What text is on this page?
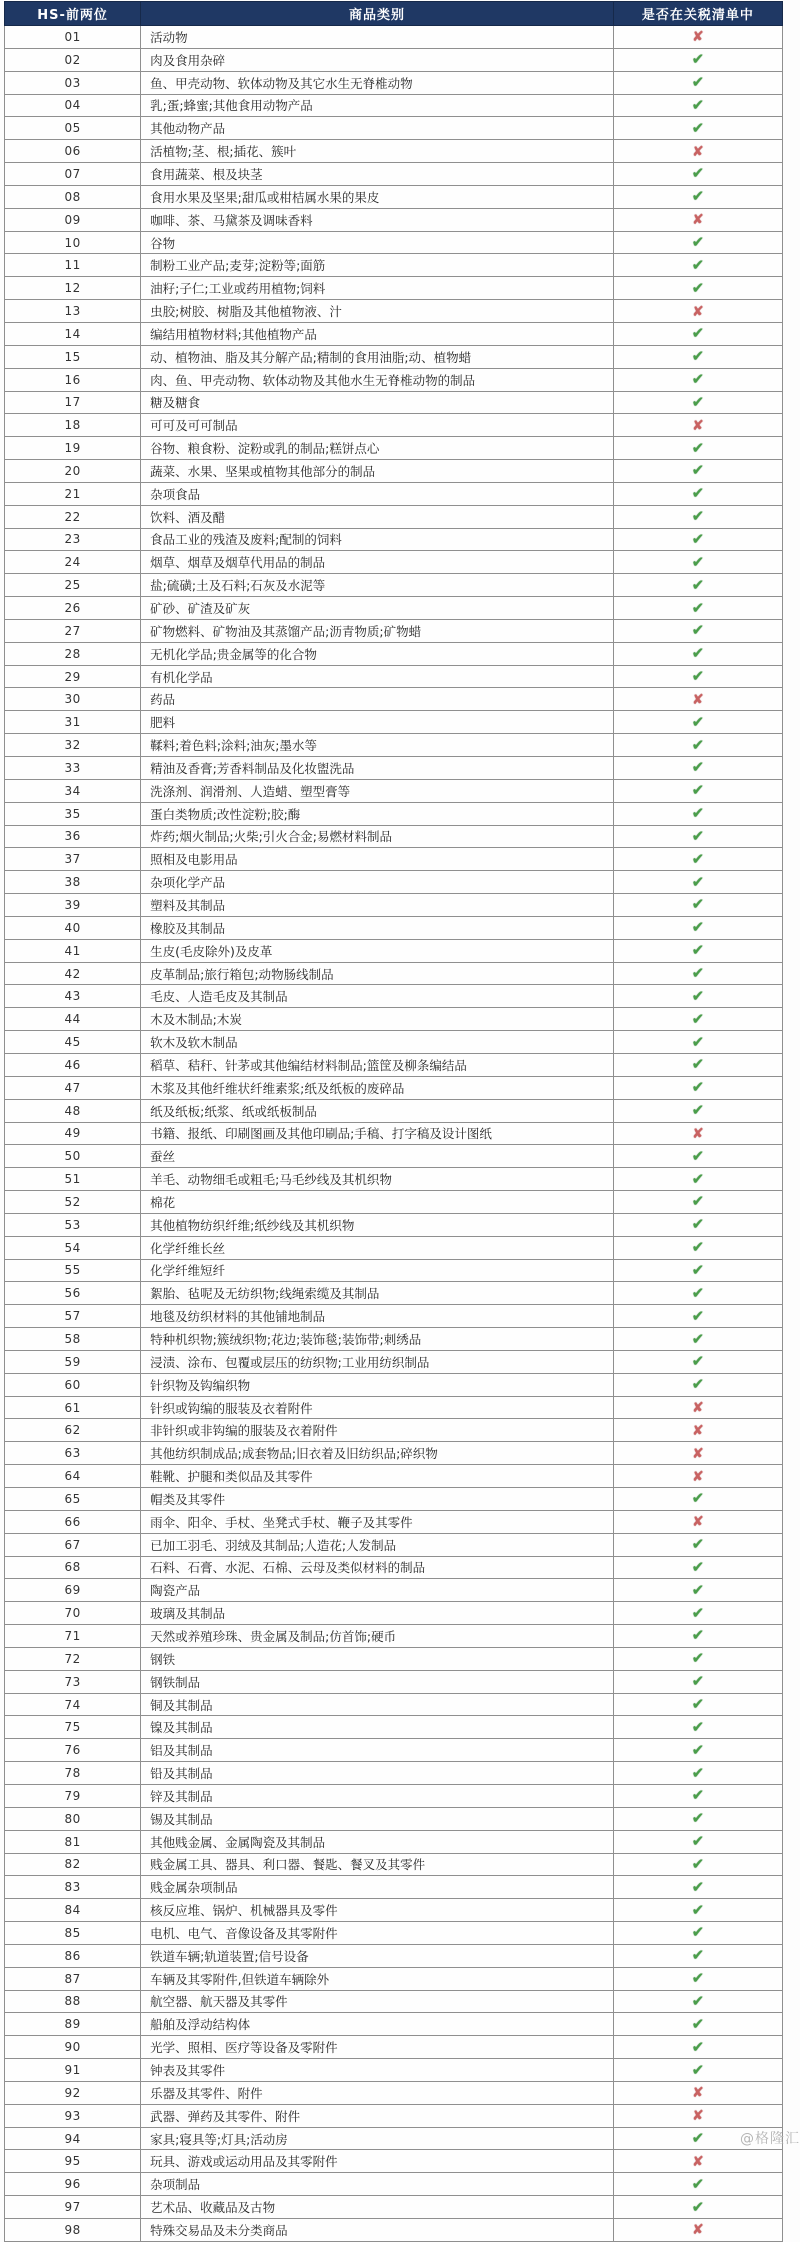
HS-前两位	商品类别	是否在关税清单中
01	活动物	✘
02	肉及食用杂碎	✔
03	鱼、甲壳动物、软体动物及其它水生无脊椎动物	✔
04	乳;蛋;蜂蜜;其他食用动物产品	✔
05	其他动物产品	✔
06	活植物;茎、根;插花、簇叶	✘
07	食用蔬菜、根及块茎	✔
08	食用水果及坚果;甜瓜或柑桔属水果的果皮	✔
09	咖啡、茶、马黛茶及调味香料	✘
10	谷物	✔
11	制粉工业产品;麦芽;淀粉等;面筋	✔
12	油籽;子仁;工业或药用植物;饲料	✔
13	虫胶;树胶、树脂及其他植物液、汁	✘
14	编结用植物材料;其他植物产品	✔
15	动、植物油、脂及其分解产品;精制的食用油脂;动、植物蜡	✔
16	肉、鱼、甲壳动物、软体动物及其他水生无脊椎动物的制品	✔
17	糖及糖食	✔
18	可可及可可制品	✘
19	谷物、粮食粉、淀粉或乳的制品;糕饼点心	✔
20	蔬菜、水果、坚果或植物其他部分的制品	✔
21	杂项食品	✔
22	饮料、酒及醋	✔
23	食品工业的残渣及废料;配制的饲料	✔
24	烟草、烟草及烟草代用品的制品	✔
25	盐;硫磺;土及石料;石灰及水泥等	✔
26	矿砂、矿渣及矿灰	✔
27	矿物燃料、矿物油及其蒸馏产品;沥青物质;矿物蜡	✔
28	无机化学品;贵金属等的化合物	✔
29	有机化学品	✔
30	药品	✘
31	肥料	✔
32	鞣料;着色料;涂料;油灰;墨水等	✔
33	精油及香膏;芳香料制品及化妆盥洗品	✔
34	洗涤剂、润滑剂、人造蜡、塑型膏等	✔
35	蛋白类物质;改性淀粉;胶;酶	✔
36	炸药;烟火制品;火柴;引火合金;易燃材料制品	✔
37	照相及电影用品	✔
38	杂项化学产品	✔
39	塑料及其制品	✔
40	橡胶及其制品	✔
41	生皮(毛皮除外)及皮革	✔
42	皮革制品;旅行箱包;动物肠线制品	✔
43	毛皮、人造毛皮及其制品	✔
44	木及木制品;木炭	✔
45	软木及软木制品	✔
46	稻草、秸秆、针茅或其他编结材料制品;篮筐及柳条编结品	✔
47	木浆及其他纤维状纤维素浆;纸及纸板的废碎品	✔
48	纸及纸板;纸浆、纸或纸板制品	✔
49	书籍、报纸、印刷图画及其他印刷品;手稿、打字稿及设计图纸	✘
50	蚕丝	✔
51	羊毛、动物细毛或粗毛;马毛纱线及其机织物	✔
52	棉花	✔
53	其他植物纺织纤维;纸纱线及其机织物	✔
54	化学纤维长丝	✔
55	化学纤维短纤	✔
56	絮胎、毡呢及无纺织物;线绳索缆及其制品	✔
57	地毯及纺织材料的其他铺地制品	✔
58	特种机织物;簇绒织物;花边;装饰毯;装饰带;刺绣品	✔
59	浸渍、涂布、包覆或层压的纺织物;工业用纺织制品	✔
60	针织物及钩编织物	✔
61	针织或钩编的服装及衣着附件	✘
62	非针织或非钩编的服装及衣着附件	✘
63	其他纺织制成品;成套物品;旧衣着及旧纺织品;碎织物	✘
64	鞋靴、护腿和类似品及其零件	✘
65	帽类及其零件	✔
66	雨伞、阳伞、手杖、坐凳式手杖、鞭子及其零件	✘
67	已加工羽毛、羽绒及其制品;人造花;人发制品	✔
68	石料、石膏、水泥、石棉、云母及类似材料的制品	✔
69	陶瓷产品	✔
70	玻璃及其制品	✔
71	天然或养殖珍珠、贵金属及制品;仿首饰;硬币	✔
72	钢铁	✔
73	钢铁制品	✔
74	铜及其制品	✔
75	镍及其制品	✔
76	铝及其制品	✔
78	铅及其制品	✔
79	锌及其制品	✔
80	锡及其制品	✔
81	其他贱金属、金属陶瓷及其制品	✔
82	贱金属工具、器具、利口器、餐匙、餐叉及其零件	✔
83	贱金属杂项制品	✔
84	核反应堆、锅炉、机械器具及零件	✔
85	电机、电气、音像设备及其零附件	✔
86	铁道车辆;轨道装置;信号设备	✔
87	车辆及其零附件,但铁道车辆除外	✔
88	航空器、航天器及其零件	✔
89	船舶及浮动结构体	✔
90	光学、照相、医疗等设备及零附件	✔
91	钟表及其零件	✔
92	乐器及其零件、附件	✘
93	武器、弹药及其零件、附件	✘
94	家具;寝具等;灯具;活动房	✔
95	玩具、游戏或运动用品及其零附件	✘
96	杂项制品	✔
97	艺术品、收藏品及古物	✔
98	特殊交易品及未分类商品	✘
@格隆汇
